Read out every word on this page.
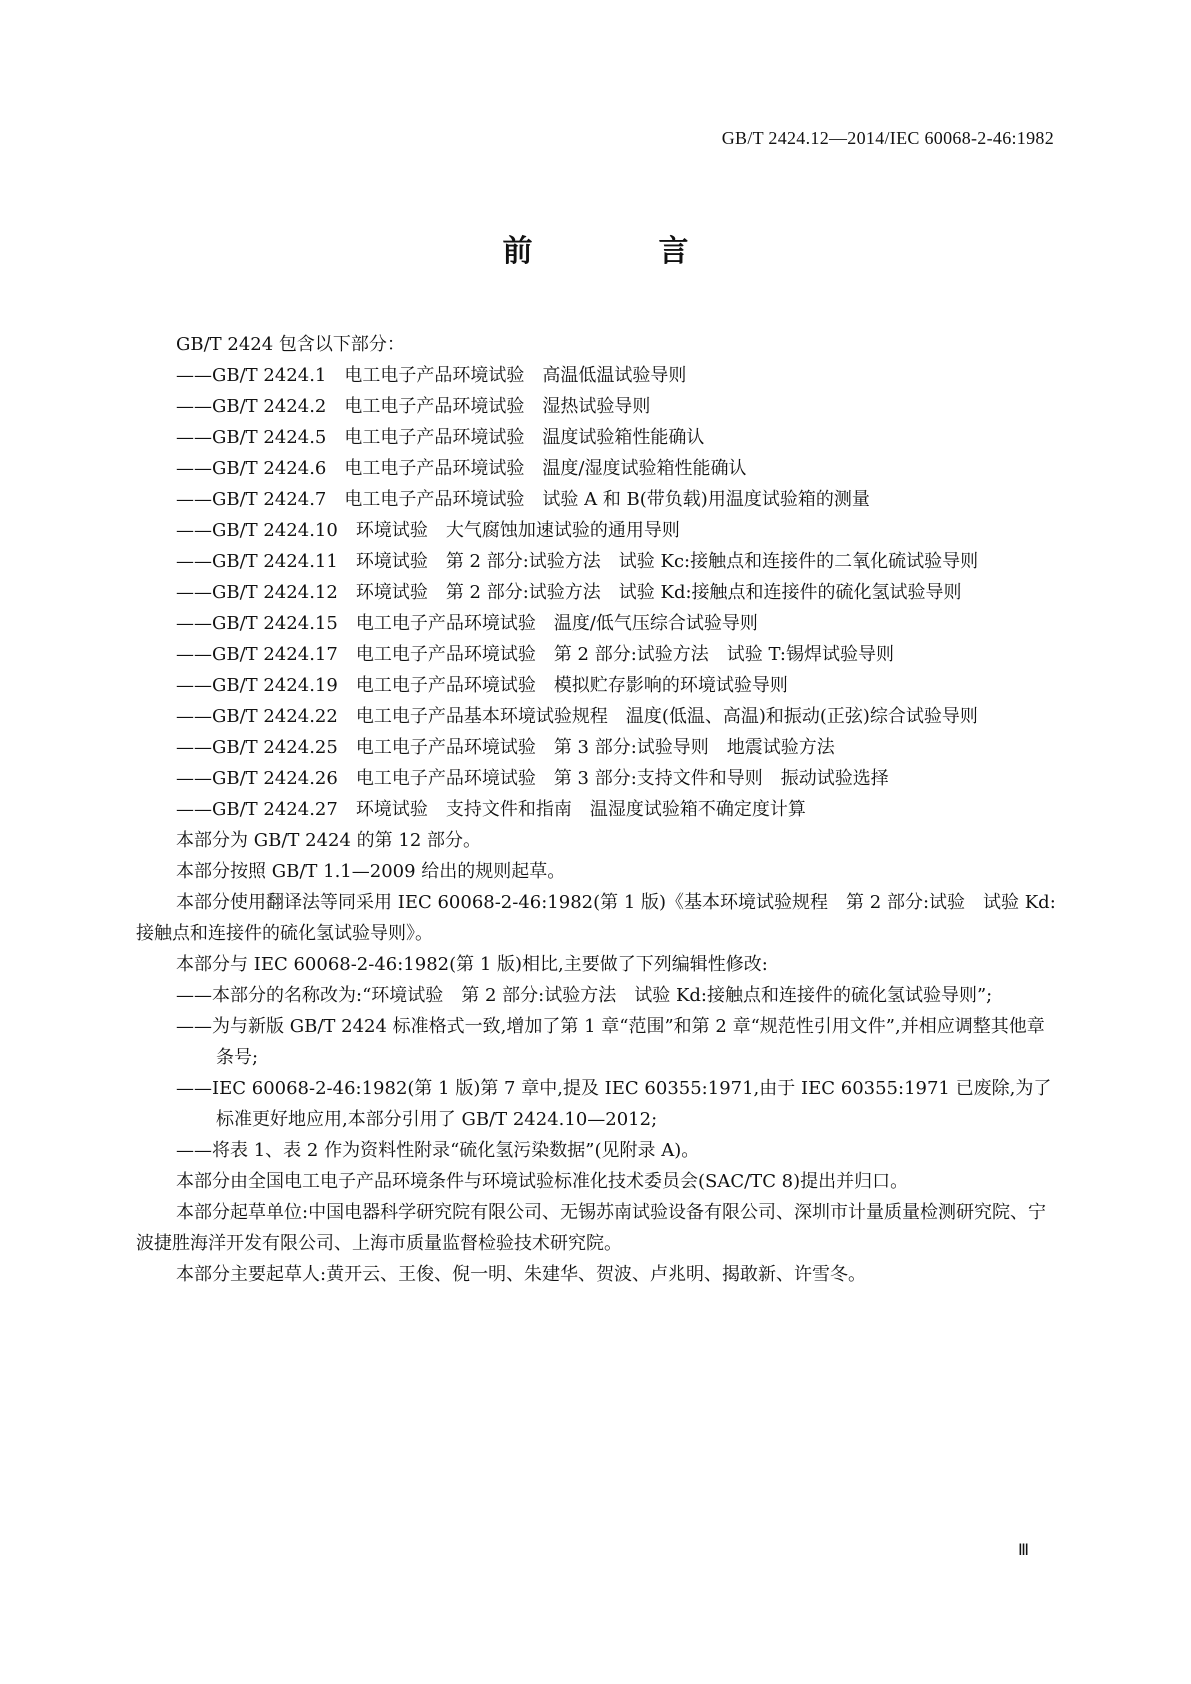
GB/T 2424.12—2014/IEC 60068-2-46:1982
前　言

GB/T 2424 包含以下部分：

——GB/T 2424.1　电工电子产品环境试验　高温低温试验导则

——GB/T 2424.2　电工电子产品环境试验　湿热试验导则

——GB/T 2424.5　电工电子产品环境试验　温度试验箱性能确认

——GB/T 2424.6　电工电子产品环境试验　温度/湿度试验箱性能确认

——GB/T 2424.7　电工电子产品环境试验　试验 A 和 B(带负载)用温度试验箱的测量

——GB/T 2424.10　环境试验　大气腐蚀加速试验的通用导则

——GB/T 2424.11　环境试验　第 2 部分:试验方法　试验 Kc:接触点和连接件的二氧化硫试验导则

——GB/T 2424.12　环境试验　第 2 部分:试验方法　试验 Kd:接触点和连接件的硫化氢试验导则

——GB/T 2424.15　电工电子产品环境试验　温度/低气压综合试验导则

——GB/T 2424.17　电工电子产品环境试验　第 2 部分:试验方法　试验 T:锡焊试验导则

——GB/T 2424.19　电工电子产品环境试验　模拟贮存影响的环境试验导则

——GB/T 2424.22　电工电子产品基本环境试验规程　温度(低温、高温)和振动(正弦)综合试验导则

——GB/T 2424.25　电工电子产品环境试验　第 3 部分:试验导则　地震试验方法

——GB/T 2424.26　电工电子产品环境试验　第 3 部分:支持文件和导则　振动试验选择

——GB/T 2424.27　环境试验　支持文件和指南　温湿度试验箱不确定度计算

本部分为 GB/T 2424 的第 12 部分。

本部分按照 GB/T 1.1—2009 给出的规则起草。

本部分使用翻译法等同采用 IEC 60068-2-46:1982(第 1 版)《基本环境试验规程　第 2 部分:试验　试验 Kd:接触点和连接件的硫化氢试验导则》。

本部分与 IEC 60068-2-46:1982(第 1 版)相比,主要做了下列编辑性修改:

——本部分的名称改为:“环境试验　第 2 部分:试验方法　试验 Kd:接触点和连接件的硫化氢试验导则”;

——为与新版 GB/T 2424 标准格式一致,增加了第 1 章“范围”和第 2 章“规范性引用文件”,并相应调整其他章条号;

——IEC 60068-2-46:1982(第 1 版)第 7 章中,提及 IEC 60355:1971,由于 IEC 60355:1971 已废除,为了标准更好地应用,本部分引用了 GB/T 2424.10—2012;

——将表 1、表 2 作为资料性附录“硫化氢污染数据”(见附录 A)。

本部分由全国电工电子产品环境条件与环境试验标准化技术委员会(SAC/TC 8)提出并归口。

本部分起草单位:中国电器科学研究院有限公司、无锡苏南试验设备有限公司、深圳市计量质量检测研究院、宁波捷胜海洋开发有限公司、上海市质量监督检验技术研究院。

本部分主要起草人:黄开云、王俊、倪一明、朱建华、贺波、卢兆明、揭敢新、许雪冬。

Ⅲ
